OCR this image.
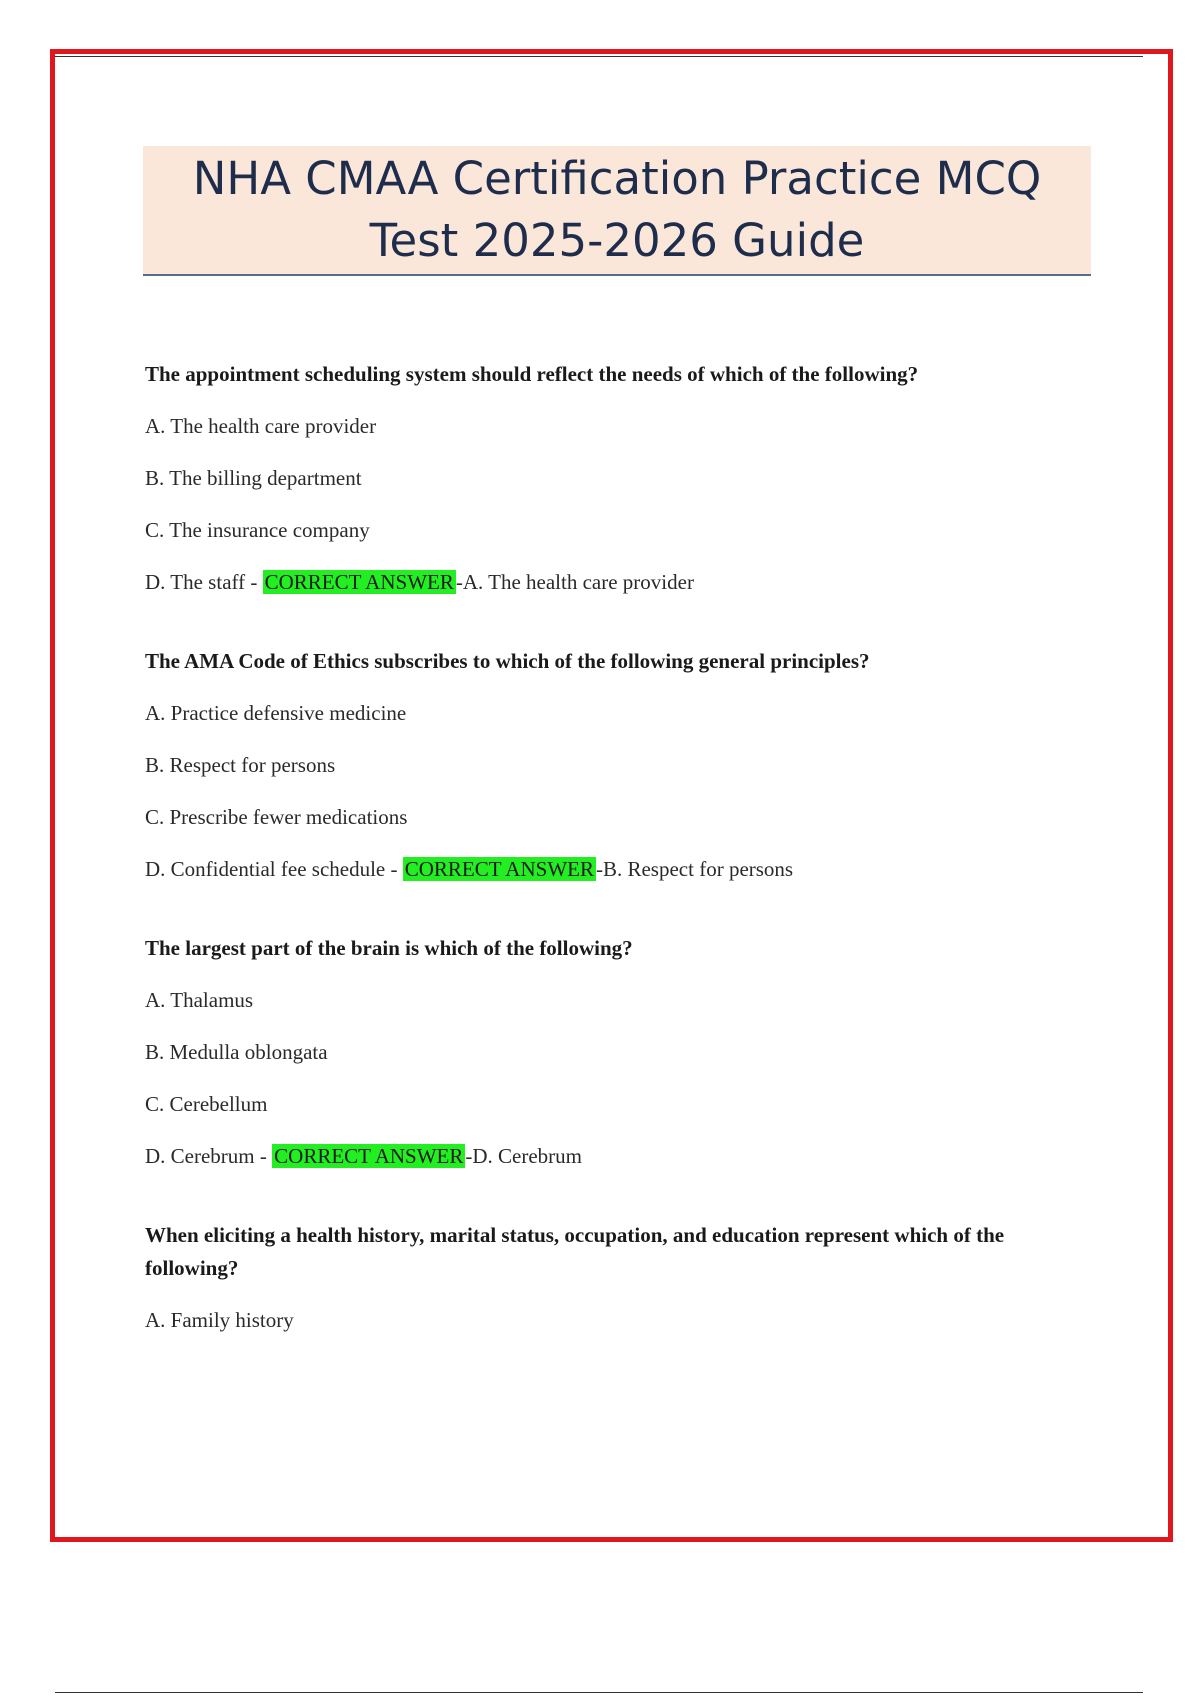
NHA CMAA Certification Practice MCQ
Test 2025-2026 Guide
The appointment scheduling system should reflect the needs of which of the following?
A. The health care provider
B. The billing department
C. The insurance company
D. The staff - CORRECT ANSWER-A. The health care provider
The AMA Code of Ethics subscribes to which of the following general principles?
A. Practice defensive medicine
B. Respect for persons
C. Prescribe fewer medications
D. Confidential fee schedule - CORRECT ANSWER-B. Respect for persons
The largest part of the brain is which of the following?
A. Thalamus
B. Medulla oblongata
C. Cerebellum
D. Cerebrum - CORRECT ANSWER-D. Cerebrum
When eliciting a health history, marital status, occupation, and education represent which of the following?
A. Family history
